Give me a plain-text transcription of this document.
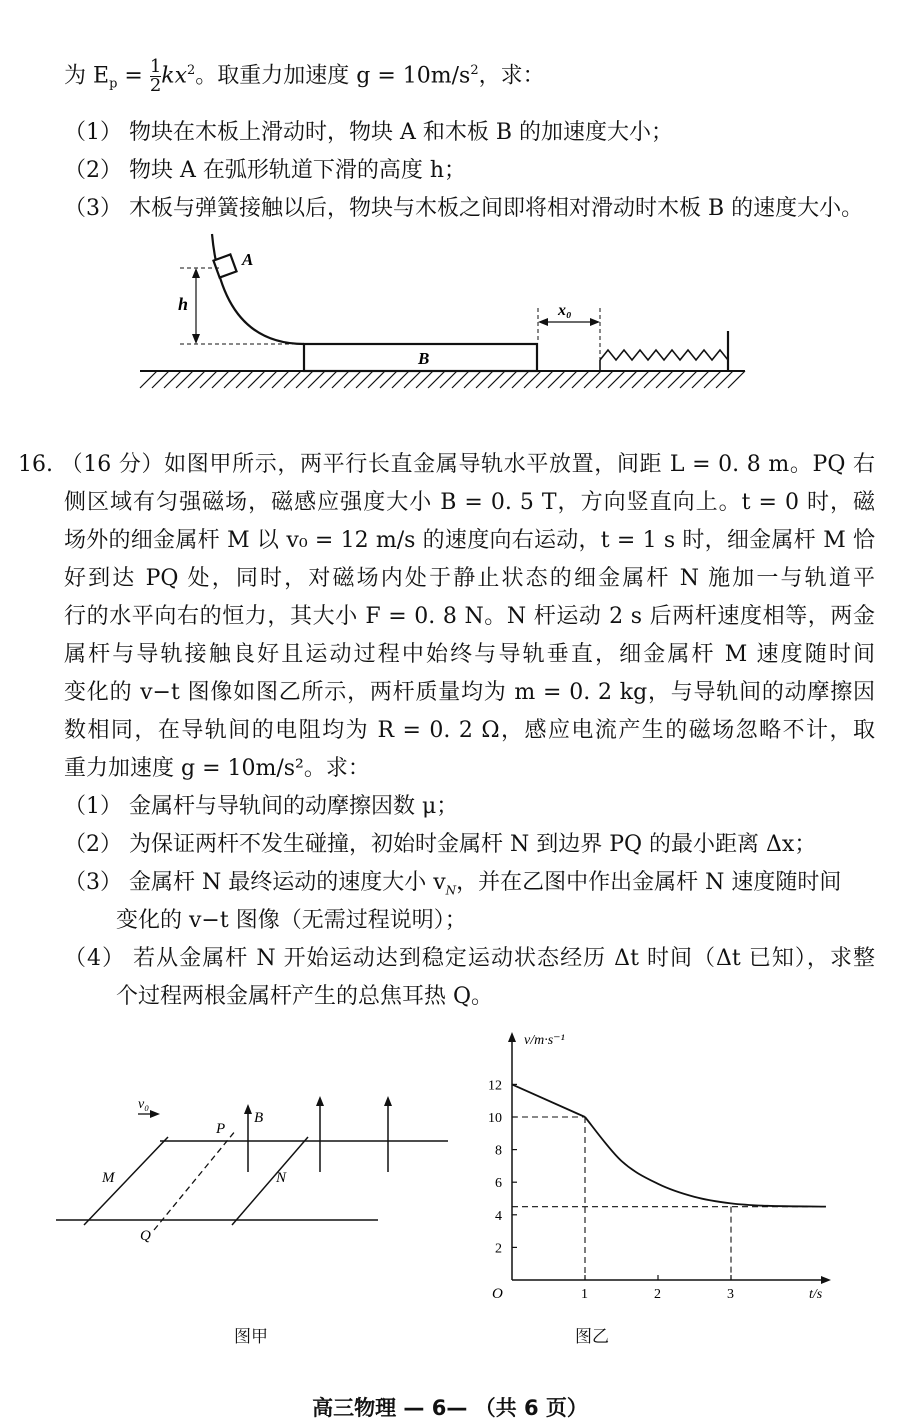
为 $E_p = \frac{1}{2} kx^2$。取重力加速度 $g = 10m/s^2$，求：
（1） 物块在木板上滑动时，物块 A 和木板 B 的加速度大小；
（2） 物块 A 在弧形轨道下滑的高度 h；
（3） 木板与弹簧接触以后，物块与木板之间即将相对滑动时木板 B 的速度大小。
A
h
B
x₀
16. （16 分）如图甲所示，两平行长直金属导轨水平放置，间距 L = 0. 8 m。PQ 右
侧区域有匀强磁场，磁感应强度大小 B = 0. 5 T，方向竖直向上。t = 0 时，磁
场外的细金属杆 M 以 v₀ = 12 m/s 的速度向右运动，t = 1 s 时，细金属杆 M 恰
好到达 PQ 处，同时，对磁场内处于静止状态的细金属杆 N 施加一与轨道平
行的水平向右的恒力，其大小 F = 0. 8 N。N 杆运动 2 s 后两杆速度相等，两金
属杆与导轨接触良好且运动过程中始终与导轨垂直，细金属杆 M 速度随时间
变化的 v−t 图像如图乙所示，两杆质量均为 m = 0. 2 kg，与导轨间的动摩擦因
数相同，在导轨间的电阻均为 R = 0. 2 Ω，感应电流产生的磁场忽略不计，取
重力加速度 g = 10m/s²。求：
（1） 金属杆与导轨间的动摩擦因数 μ；
（2） 为保证两杆不发生碰撞，初始时金属杆 N 到边界 PQ 的最小距离 Δx；
（3） 金属杆 N 最终运动的速度大小 $v_N$，并在乙图中作出金属杆 N 速度随时间
变化的 v−t 图像（无需过程说明）；
（4） 若从金属杆 N 开始运动达到稳定运动状态经历 Δt 时间（Δt 已知），求整
个过程两根金属杆产生的总焦耳热 Q。
v₀
P
Q
M	N
B
图甲
1	2	3
2
4
6
8
10
12
v/m·s⁻¹
t/s
O
图乙
高三物理 — 6— （共 6 页）
